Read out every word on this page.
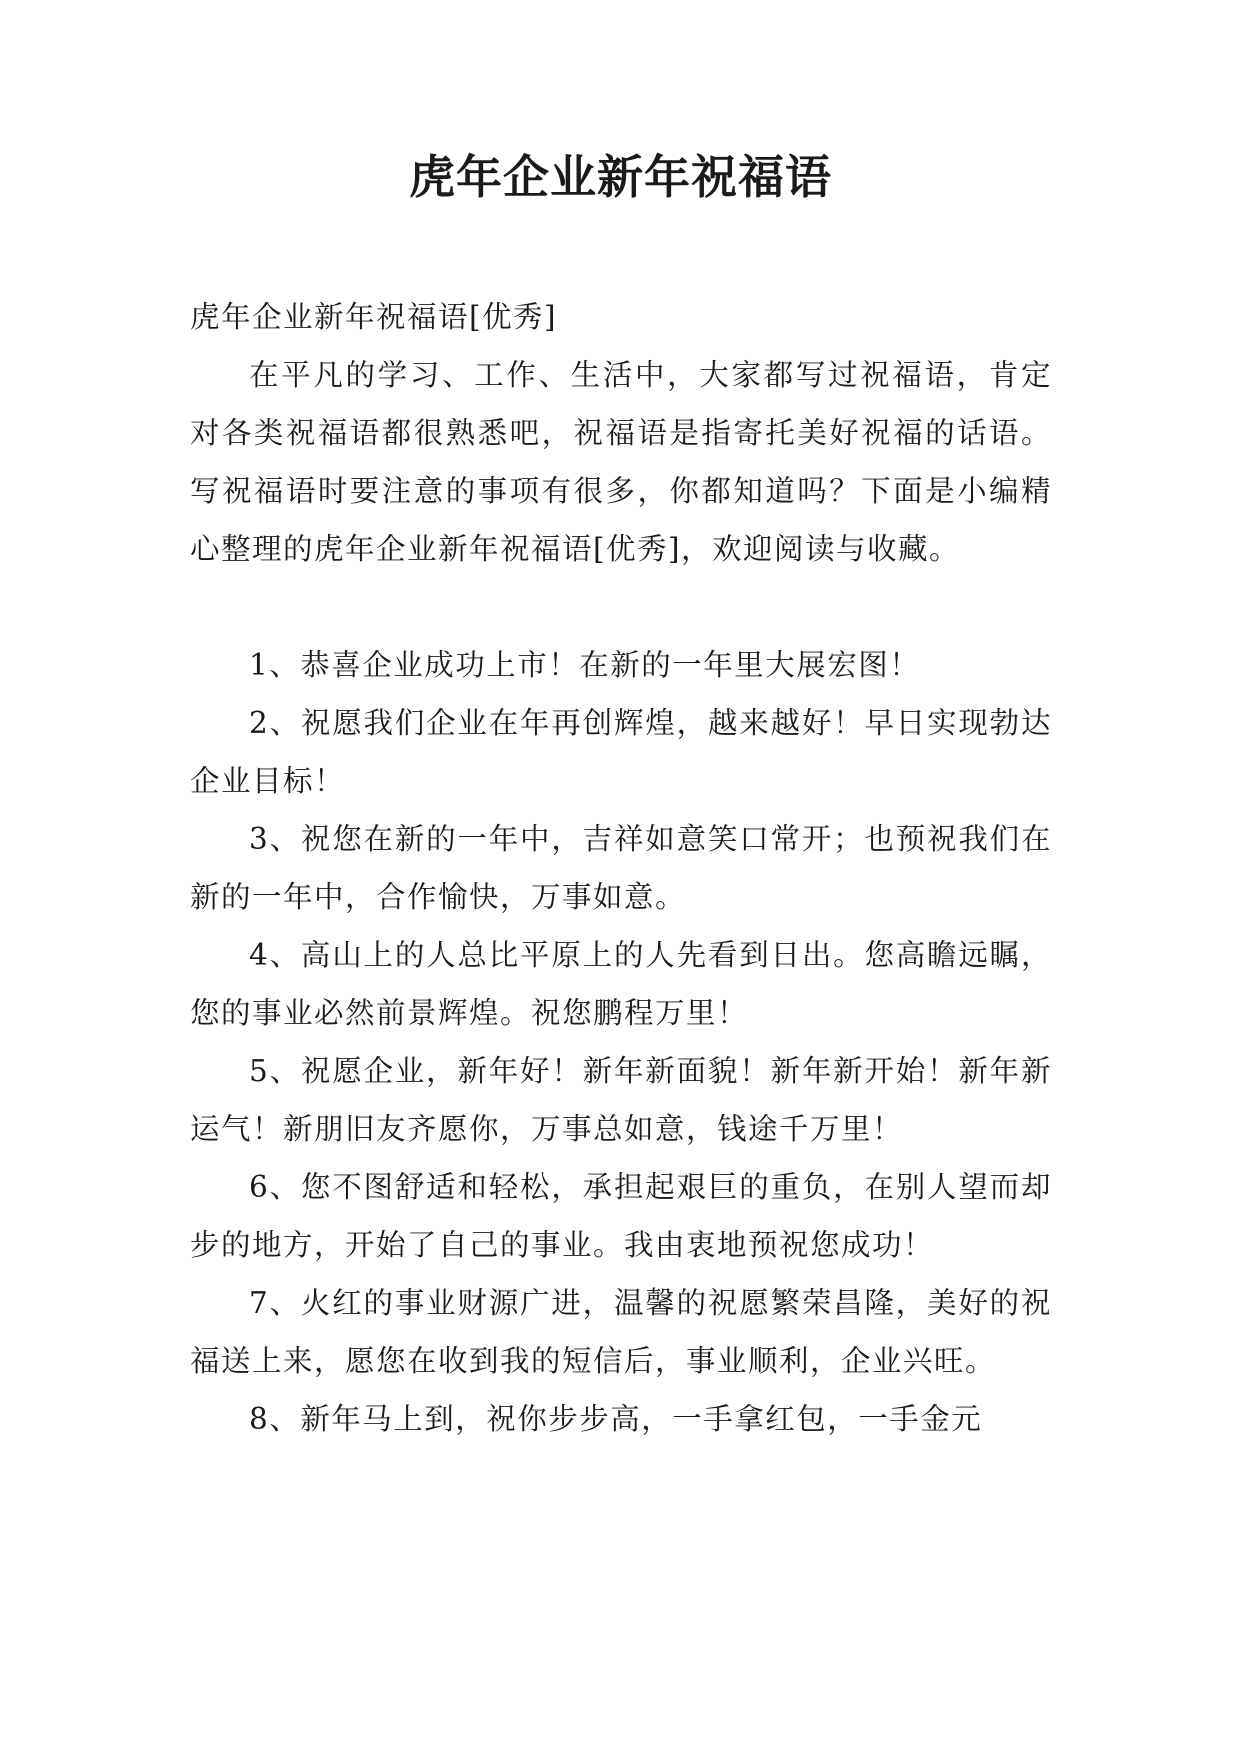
虎年企业新年祝福语

虎年企业新年祝福语[优秀]

在平凡的学习、工作、生活中，大家都写过祝福语，肯定对各类祝福语都很熟悉吧，祝福语是指寄托美好祝福的话语。写祝福语时要注意的事项有很多，你都知道吗？下面是小编精心整理的虎年企业新年祝福语[优秀]，欢迎阅读与收藏。

1、恭喜企业成功上市！在新的一年里大展宏图！

2、祝愿我们企业在年再创辉煌，越来越好！早日实现勃达企业目标！

3、祝您在新的一年中，吉祥如意笑口常开；也预祝我们在新的一年中，合作愉快，万事如意。

4、高山上的人总比平原上的人先看到日出。您高瞻远瞩，您的事业必然前景辉煌。祝您鹏程万里！

5、祝愿企业，新年好！新年新面貌！新年新开始！新年新运气！新朋旧友齐愿你，万事总如意，钱途千万里！

6、您不图舒适和轻松，承担起艰巨的重负，在别人望而却步的地方，开始了自己的事业。我由衷地预祝您成功！

7、火红的事业财源广进，温馨的祝愿繁荣昌隆，美好的祝福送上来，愿您在收到我的短信后，事业顺利，企业兴旺。

8、新年马上到，祝你步步高，一手拿红包，一手金元
